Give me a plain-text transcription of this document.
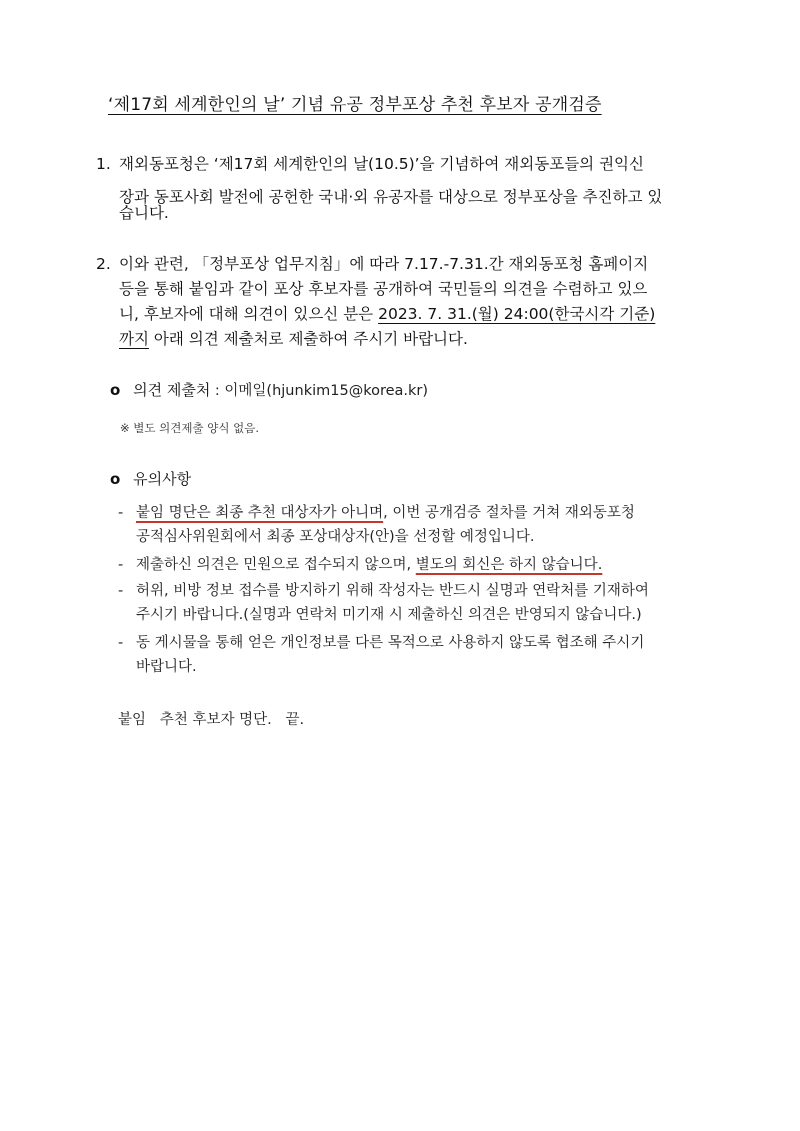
‘제17회 세계한인의 날’ 기념 유공 정부포상 추천 후보자 공개검증
1. 재외동포청은 ‘제17회 세계한인의 날(10.5)’을 기념하여 재외동포들의 권익신
장과 동포사회 발전에 공헌한 국내·외 유공자를 대상으로 정부포상을 추진하고 있
습니다.
2. 이와 관련, 「정부포상 업무지침」에 따라 7.17.-7.31.간 재외동포청 홈페이지
등을 통해 붙임과 같이 포상 후보자를 공개하여 국민들의 의견을 수렴하고 있으
니, 후보자에 대해 의견이 있으신 분은 2023. 7. 31.(월) 24:00(한국시각 기준)
까지 아래 의견 제출처로 제출하여 주시기 바랍니다.
o 의견 제출처 : 이메일(hjunkim15@korea.kr)
※ 별도 의견제출 양식 없음.
o 유의사항
- 붙임 명단은 최종 추천 대상자가 아니며, 이번 공개검증 절차를 거쳐 재외동포청
공적심사위원회에서 최종 포상대상자(안)을 선정할 예정입니다.
- 제출하신 의견은 민원으로 접수되지 않으며, 별도의 회신은 하지 않습니다.
- 허위, 비방 정보 접수를 방지하기 위해 작성자는 반드시 실명과 연락처를 기재하여
주시기 바랍니다.(실명과 연락처 미기재 시 제출하신 의견은 반영되지 않습니다.)
- 동 게시물을 통해 얻은 개인정보를 다른 목적으로 사용하지 않도록 협조해 주시기
바랍니다.
붙임   추천 후보자 명단.   끝.
